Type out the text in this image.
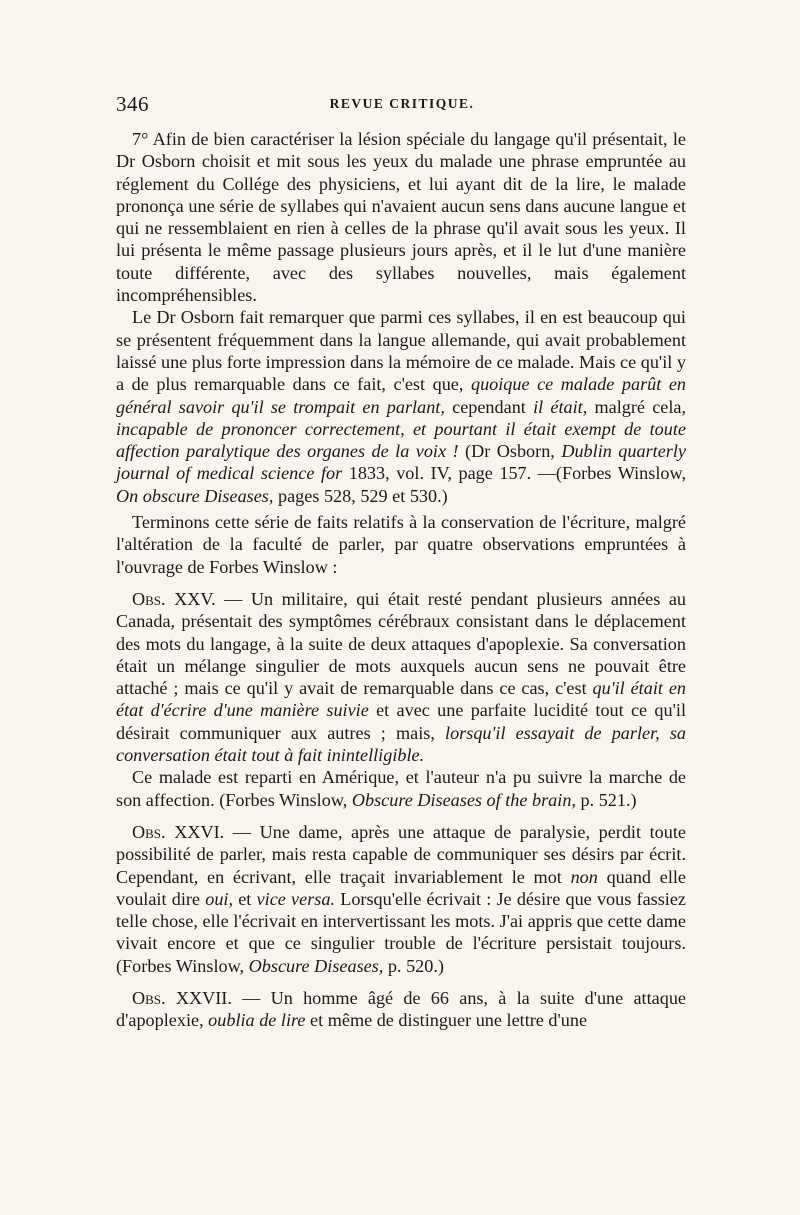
346	REVUE CRITIQUE.

7° Afin de bien caractériser la lésion spéciale du langage qu'il présentait, le Dr Osborn choisit et mit sous les yeux du malade une phrase empruntée au réglement du Collége des physiciens, et lui ayant dit de la lire, le malade prononça une série de syllabes qui n'avaient aucun sens dans aucune langue et qui ne ressemblaient en rien à celles de la phrase qu'il avait sous les yeux. Il lui présenta le même passage plusieurs jours après, et il le lut d'une manière toute différente, avec des syllabes nouvelles, mais également incompréhensibles.

Le Dr Osborn fait remarquer que parmi ces syllabes, il en est beaucoup qui se présentent fréquemment dans la langue allemande, qui avait probablement laissé une plus forte impression dans la mémoire de ce malade. Mais ce qu'il y a de plus remarquable dans ce fait, c'est que, quoique ce malade parût en général savoir qu'il se trompait en parlant, cependant il était, malgré cela, incapable de prononcer correctement, et pourtant il était exempt de toute affection paralytique des organes de la voix ! (Dr Osborn, Dublin quarterly journal of medical science for 1833, vol. IV, page 157. —(Forbes Winslow, On obscure Diseases, pages 528, 529 et 530.)

Terminons cette série de faits relatifs à la conservation de l'écriture, malgré l'altération de la faculté de parler, par quatre observations empruntées à l'ouvrage de Forbes Winslow :

Obs. XXV. — Un militaire, qui était resté pendant plusieurs années au Canada, présentait des symptômes cérébraux consistant dans le déplacement des mots du langage, à la suite de deux attaques d'apoplexie. Sa conversation était un mélange singulier de mots auxquels aucun sens ne pouvait être attaché ; mais ce qu'il y avait de remarquable dans ce cas, c'est qu'il était en état d'écrire d'une manière suivie et avec une parfaite lucidité tout ce qu'il désirait communiquer aux autres ; mais, lorsqu'il essayait de parler, sa conversation était tout à fait inintelligible.

Ce malade est reparti en Amérique, et l'auteur n'a pu suivre la marche de son affection. (Forbes Winslow, Obscure Diseases of the brain, p. 521.)

Obs. XXVI. — Une dame, après une attaque de paralysie, perdit toute possibilité de parler, mais resta capable de communiquer ses désirs par écrit. Cependant, en écrivant, elle traçait invariablement le mot non quand elle voulait dire oui, et vice versa. Lorsqu'elle écrivait : Je désire que vous fassiez telle chose, elle l'écrivait en intervertissant les mots. J'ai appris que cette dame vivait encore et que ce singulier trouble de l'écriture persistait toujours. (Forbes Winslow, Obscure Diseases, p. 520.)

Obs. XXVII. — Un homme âgé de 66 ans, à la suite d'une attaque d'apoplexie, oublia de lire et même de distinguer une lettre d'une
